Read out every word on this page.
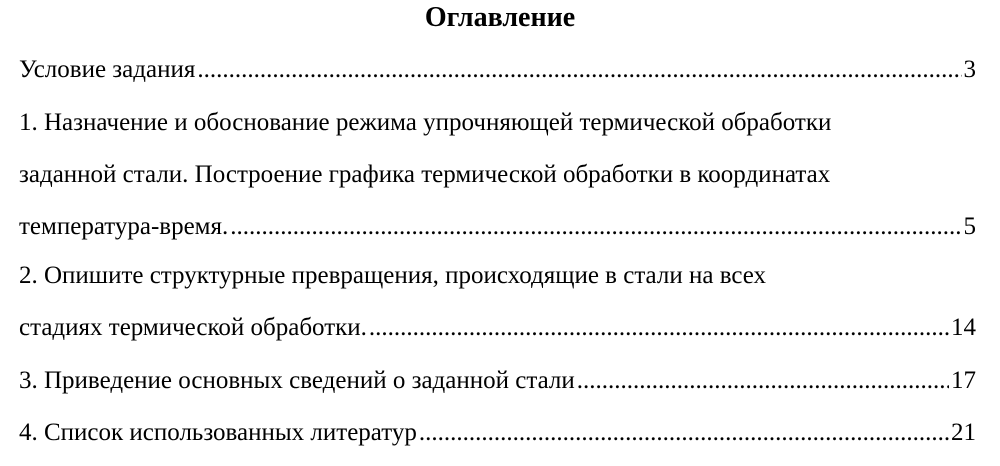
Оглавление
Условие задания .....	3
1. Назначение и обоснование режима упрочняющей термической обработки
заданной стали. Построение графика термической обработки в координатах
температура-время. .....	5
2. Опишите структурные превращения, происходящие в стали на всех
стадиях термической обработки. .....	14
3. Приведение основных сведений о заданной стали .....	17
4. Список использованных литератур .....	21
